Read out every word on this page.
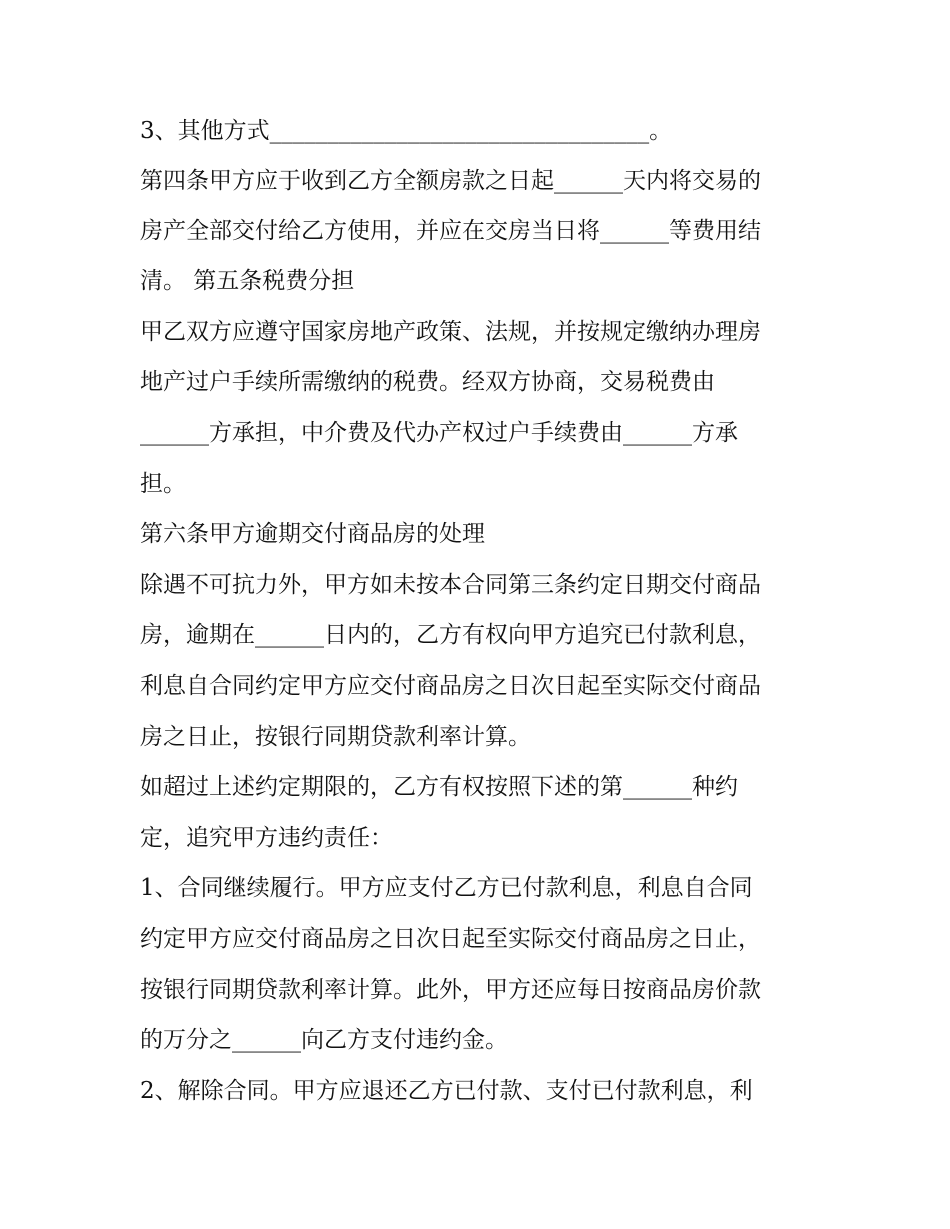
3、其他方式_________________________________。

第四条甲方应于收到乙方全额房款之日起______天内将交易的

房产全部交付给乙方使用，并应在交房当日将______等费用结

清。 第五条税费分担

甲乙双方应遵守国家房地产政策、法规，并按规定缴纳办理房

地产过户手续所需缴纳的税费。经双方协商，交易税费由

______方承担，中介费及代办产权过户手续费由______方承

担。

第六条甲方逾期交付商品房的处理

除遇不可抗力外，甲方如未按本合同第三条约定日期交付商品

房，逾期在______日内的，乙方有权向甲方追究已付款利息，

利息自合同约定甲方应交付商品房之日次日起至实际交付商品

房之日止，按银行同期贷款利率计算。

如超过上述约定期限的，乙方有权按照下述的第______种约

定，追究甲方违约责任：

1、合同继续履行。甲方应支付乙方已付款利息，利息自合同

约定甲方应交付商品房之日次日起至实际交付商品房之日止，

按银行同期贷款利率计算。此外，甲方还应每日按商品房价款

的万分之______向乙方支付违约金。

2、解除合同。甲方应退还乙方已付款、支付已付款利息，利
